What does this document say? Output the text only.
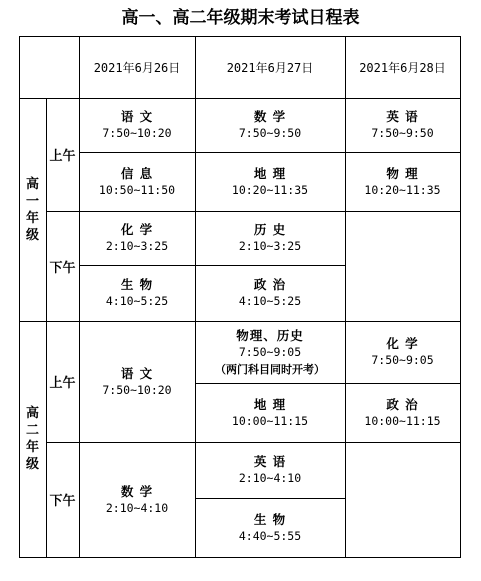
高一、高二年级期末考试日程表
2021年6月26日	2021年6月27日	2021年6月28日
高
一
年
级
高
二
年
级
上午
下午
上午
下午
语 文
7:50~10:20
信 息
10:50~11:50
数 学
7:50~9:50
地 理
10:20~11:35
英 语
7:50~9:50
物 理
10:20~11:35
化 学
2:10~3:25
生 物
4:10~5:25
历 史
2:10~3:25
政 治
4:10~5:25
语 文
7:50~10:20
物理、历史
7:50~9:05
（两门科目同时开考）
地 理
10:00~11:15
化 学
7:50~9:05
政 治
10:00~11:15
数 学
2:10~4:10
英 语
2:10~4:10
生 物
4:40~5:55
